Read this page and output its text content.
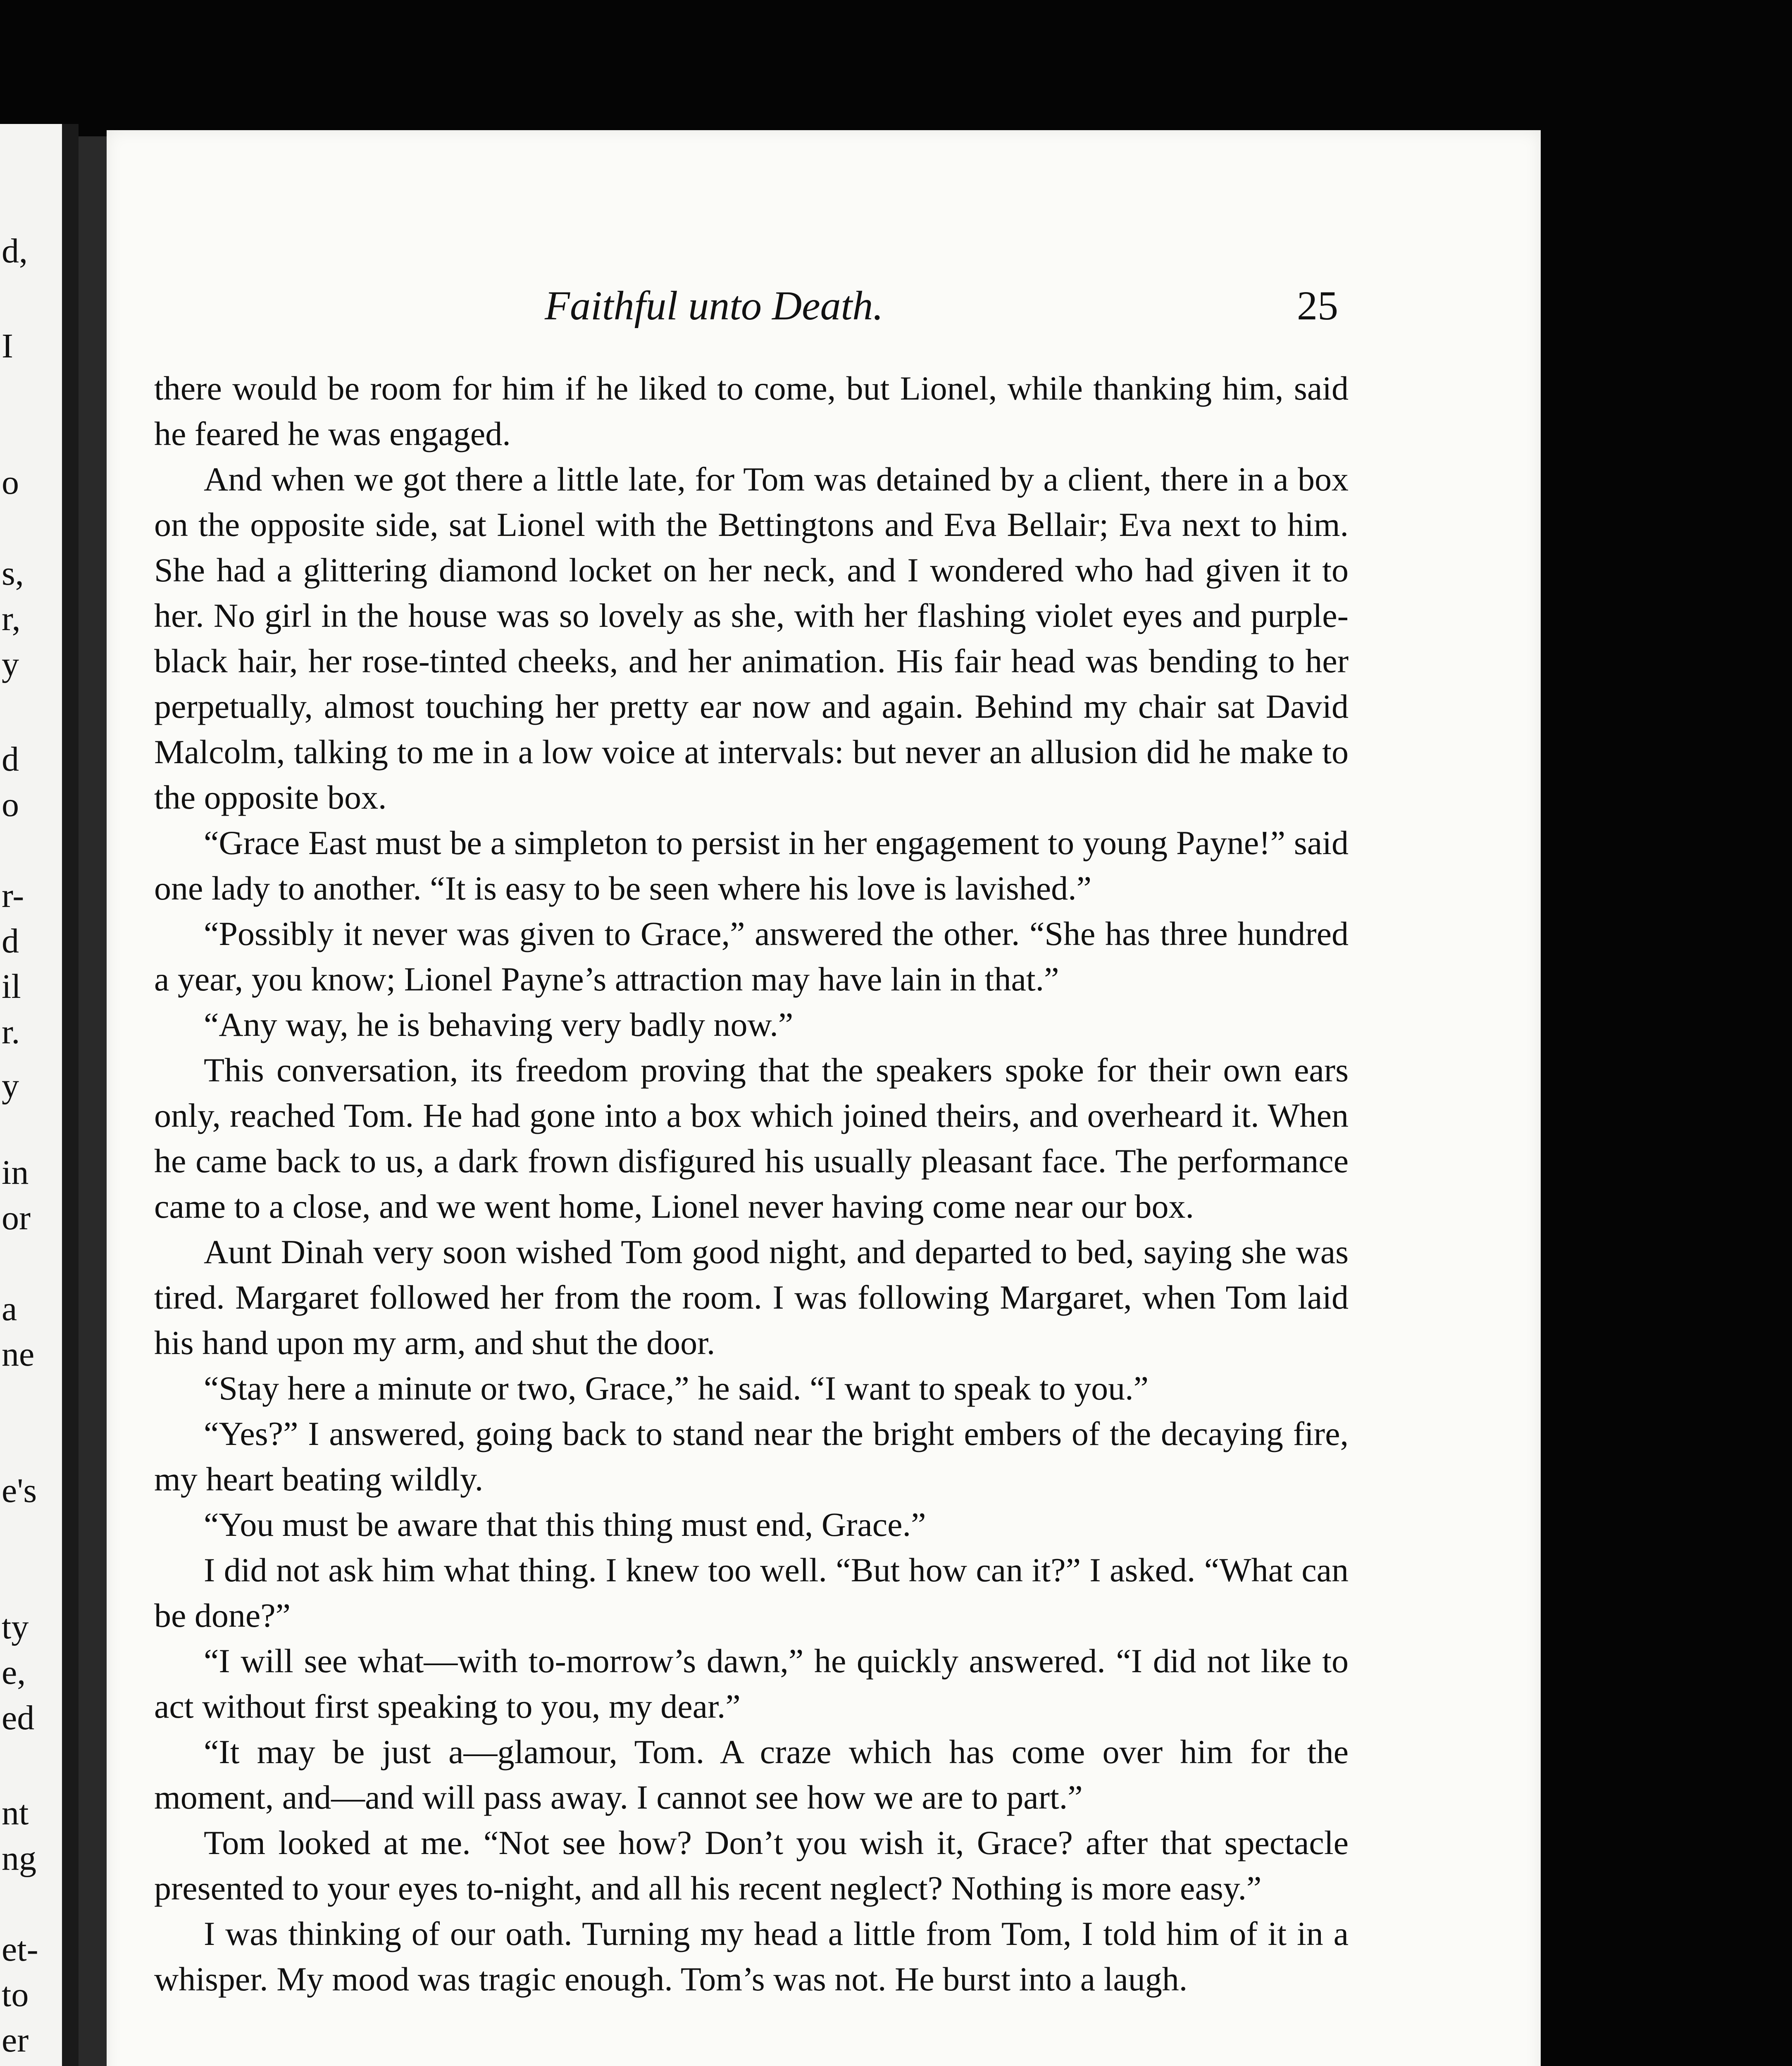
d,
I
o
s,
r,
y
d
o
r-
d
il
r.
y
in
or
a
ne
e's
ty
e,
ed
nt
ng
et-
to
er
Faithful unto Death.	25

there would be room for him if he liked to come, but Lionel, while thanking him, said he feared he was engaged.

And when we got there a little late, for Tom was detained by a client, there in a box on the opposite side, sat Lionel with the Bettingtons and Eva Bellair; Eva next to him. She had a glittering diamond locket on her neck, and I wondered who had given it to her. No girl in the house was so lovely as she, with her flashing violet eyes and purple-black hair, her rose-tinted cheeks, and her animation. His fair head was bending to her perpetually, almost touching her pretty ear now and again. Behind my chair sat David Malcolm, talking to me in a low voice at intervals: but never an allusion did he make to the opposite box.

“Grace East must be a simpleton to persist in her engagement to young Payne!” said one lady to another. “It is easy to be seen where his love is lavished.”

“Possibly it never was given to Grace,” answered the other. “She has three hundred a year, you know; Lionel Payne’s attraction may have lain in that.”

“Any way, he is behaving very badly now.”

This conversation, its freedom proving that the speakers spoke for their own ears only, reached Tom. He had gone into a box which joined theirs, and overheard it. When he came back to us, a dark frown disfigured his usually pleasant face. The performance came to a close, and we went home, Lionel never having come near our box.

Aunt Dinah very soon wished Tom good night, and departed to bed, saying she was tired. Margaret followed her from the room. I was following Margaret, when Tom laid his hand upon my arm, and shut the door.

“Stay here a minute or two, Grace,” he said. “I want to speak to you.”

“Yes?” I answered, going back to stand near the bright embers of the decaying fire, my heart beating wildly.

“You must be aware that this thing must end, Grace.”

I did not ask him what thing. I knew too well. “But how can it?” I asked. “What can be done?”

“I will see what—with to-morrow’s dawn,” he quickly answered. “I did not like to act without first speaking to you, my dear.”

“It may be just a—glamour, Tom. A craze which has come over him for the moment, and—and will pass away. I cannot see how we are to part.”

Tom looked at me. “Not see how? Don’t you wish it, Grace? after that spectacle presented to your eyes to-night, and all his recent neglect? Nothing is more easy.”

I was thinking of our oath. Turning my head a little from Tom, I told him of it in a whisper. My mood was tragic enough. Tom’s was not. He burst into a laugh.
